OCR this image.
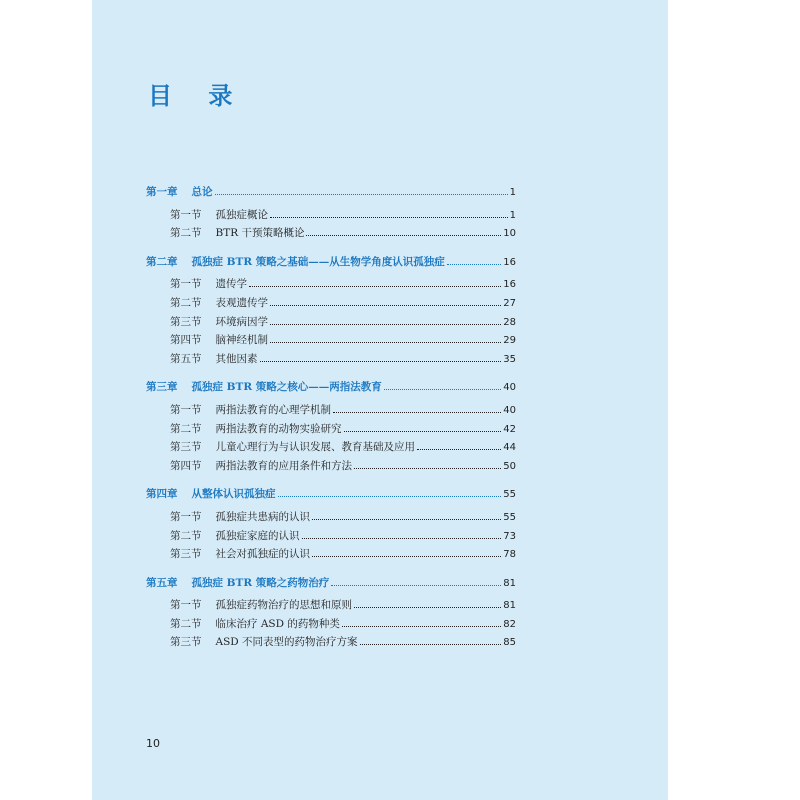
目 录
第一章 总论	1
第一节 孤独症概论	1
第二节 BTR 干预策略概论	10
第二章 孤独症 BTR 策略之基础——从生物学角度认识孤独症	16
第一节 遗传学	16
第二节 表观遗传学	27
第三节 环境病因学	28
第四节 脑神经机制	29
第五节 其他因素	35
第三章 孤独症 BTR 策略之核心——两指法教育	40
第一节 两指法教育的心理学机制	40
第二节 两指法教育的动物实验研究	42
第三节 儿童心理行为与认识发展、教育基础及应用	44
第四节 两指法教育的应用条件和方法	50
第四章 从整体认识孤独症	55
第一节 孤独症共患病的认识	55
第二节 孤独症家庭的认识	73
第三节 社会对孤独症的认识	78
第五章 孤独症 BTR 策略之药物治疗	81
第一节 孤独症药物治疗的思想和原则	81
第二节 临床治疗 ASD 的药物种类	82
第三节 ASD 不同表型的药物治疗方案	85
10
